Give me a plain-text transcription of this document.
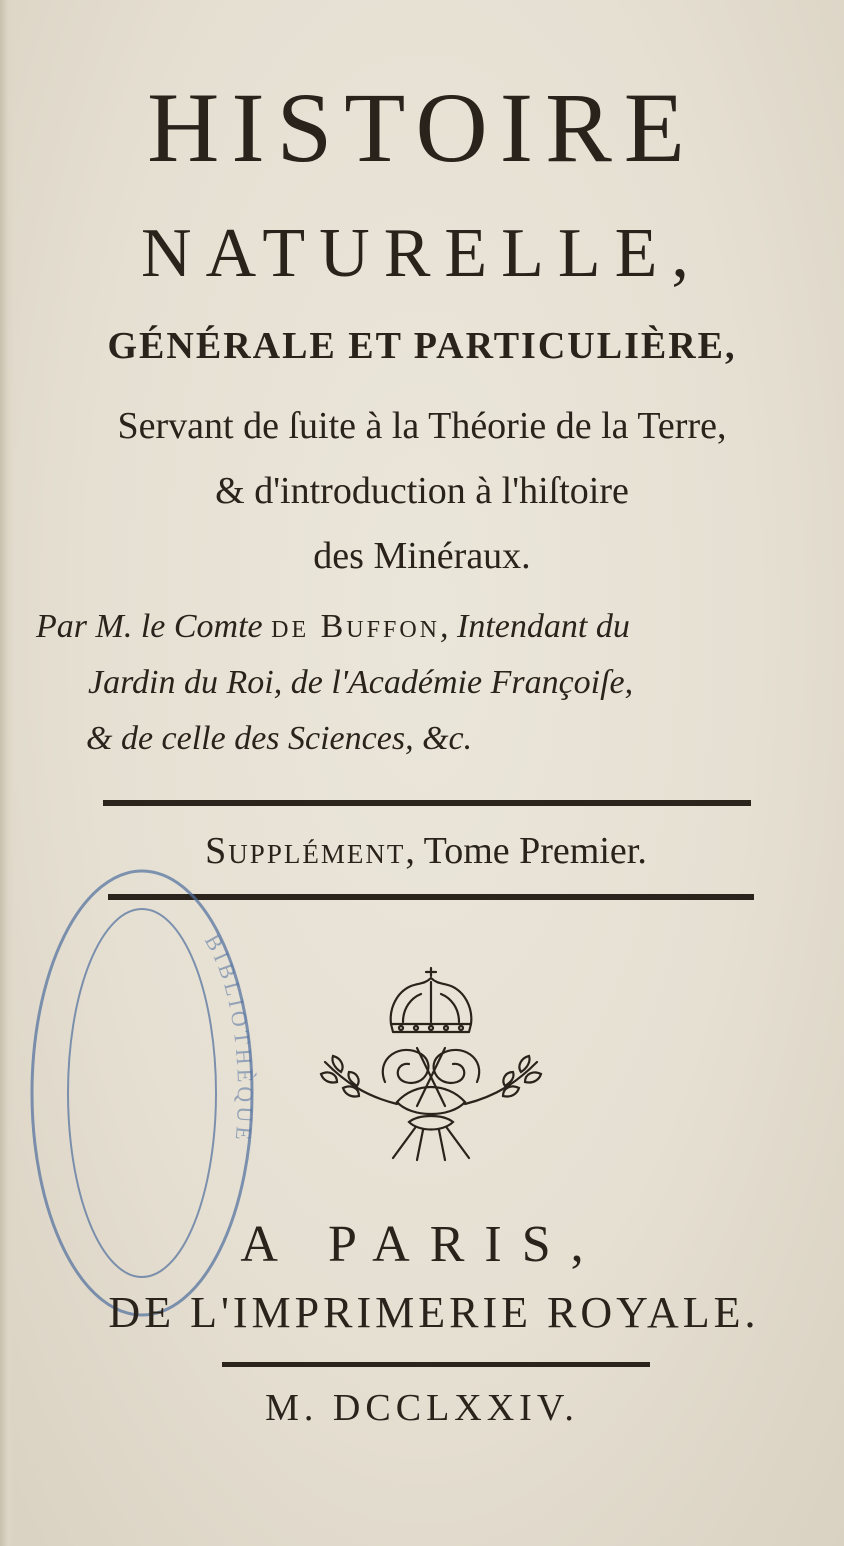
HISTOIRE

NATURELLE,

GÉNÉRALE ET PARTICULIÈRE,

Servant de ſuite à la Théorie de la Terre,

& d'introduction à l'hiſtoire

des Minéraux.

Par M. le Comte de Buffon, Intendant du

Jardin du Roi, de l'Académie Françoiſe,

& de celle des Sciences, &c.

Supplément, Tome Premier.

BIBLIOTHÈQUE

A PARIS,

DE L'IMPRIMERIE ROYALE.

M. DCCLXXIV.
